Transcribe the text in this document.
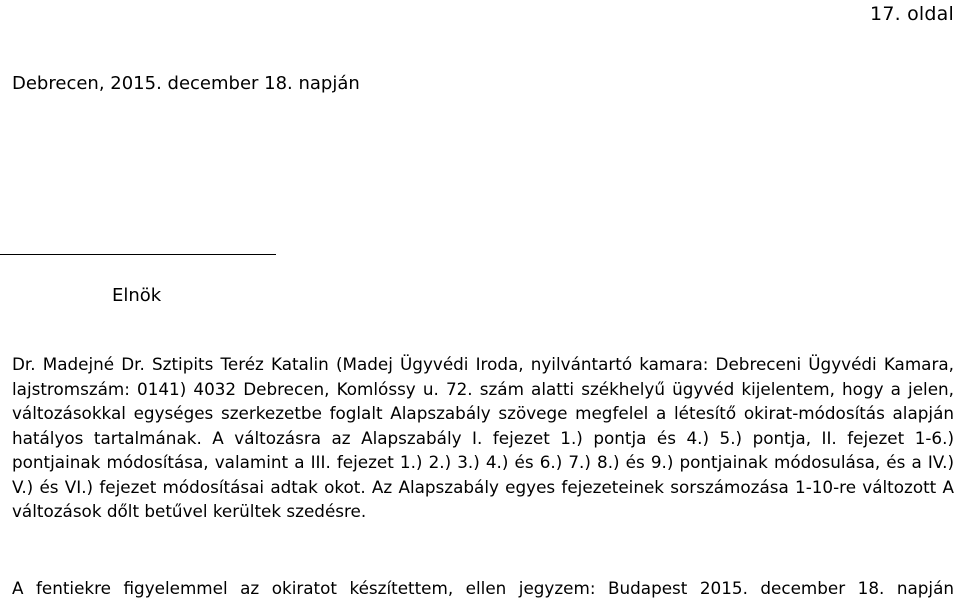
17. oldal
Debrecen, 2015. december 18. napján
Elnök

Dr. Madejné Dr. Sztipits Teréz Katalin (Madej Ügyvédi Iroda, nyilvántartó kamara: Debreceni Ügyvédi Kamara, lajstromszám: 0141) 4032 Debrecen, Komlóssy u. 72. szám alatti székhelyű ügyvéd kijelentem, hogy a jelen, változásokkal egységes szerkezetbe foglalt Alapszabály szövege megfelel a létesítő okirat-módosítás alapján hatályos tartalmának. A változásra az Alapszabály I. fejezet 1.) pontja és 4.) 5.) pontja, II. fejezet 1-6.) pontjainak módosítása, valamint a III. fejezet 1.) 2.) 3.) 4.) és 6.) 7.) 8.) és 9.) pontjainak módosulása, és a IV.) V.) és VI.) fejezet módosításai adtak okot. Az Alapszabály egyes fejezeteinek sorszámozása 1-10-re változott A változások dőlt betűvel kerültek szedésre.

A fentiekre figyelemmel az okiratot készítettem, ellen jegyzem: Budapest 2015. december 18. napján
